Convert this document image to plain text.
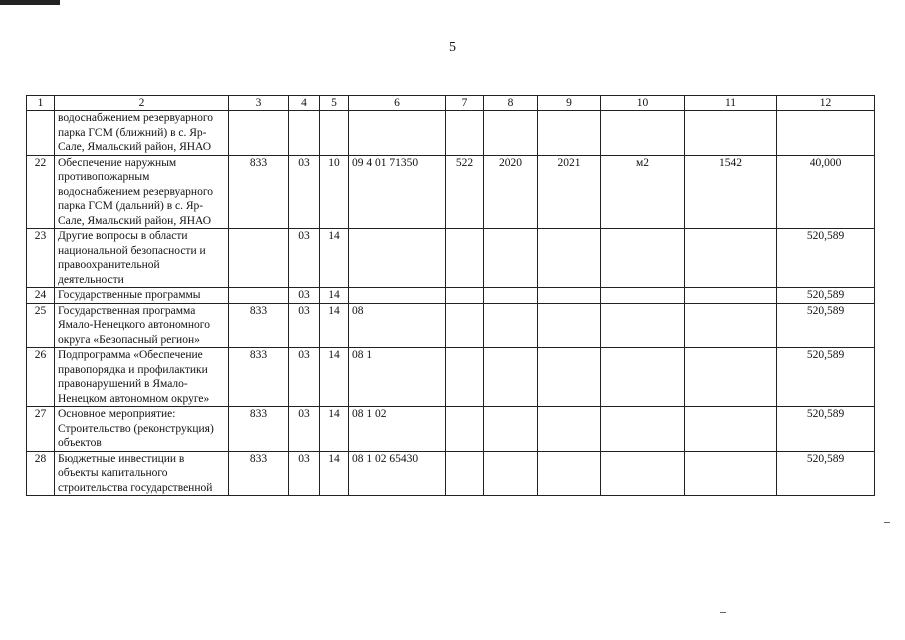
5
1	2	3	4	5	6	7	8	9	10	11	12
	водоснабжением резервуарного парка ГСМ (ближний) в с. Яр-Сале, Ямальский район, ЯНАО										
22	Обеспечение наружным противопожарным водоснабжением резервуарного парка ГСМ (дальний) в с. Яр-Сале, Ямальский район, ЯНАО	833	03	10	09 4 01 71350	522	2020	2021	м2	1542	40,000
23	Другие вопросы в области национальной безопасности и правоохранительной деятельности		03	14							520,589
24	Государственные программы		03	14							520,589
25	Государственная программа Ямало-Ненецкого автономного округа «Безопасный регион»	833	03	14	08						520,589
26	Подпрограмма «Обеспечение правопорядка и профилактики правонарушений в Ямало-Ненецком автономном округе»	833	03	14	08 1						520,589
27	Основное мероприятие: Строительство (реконструкция) объектов	833	03	14	08 1 02						520,589
28	Бюджетные инвестиции в объекты капитального строительства государственной	833	03	14	08 1 02 65430						520,589
